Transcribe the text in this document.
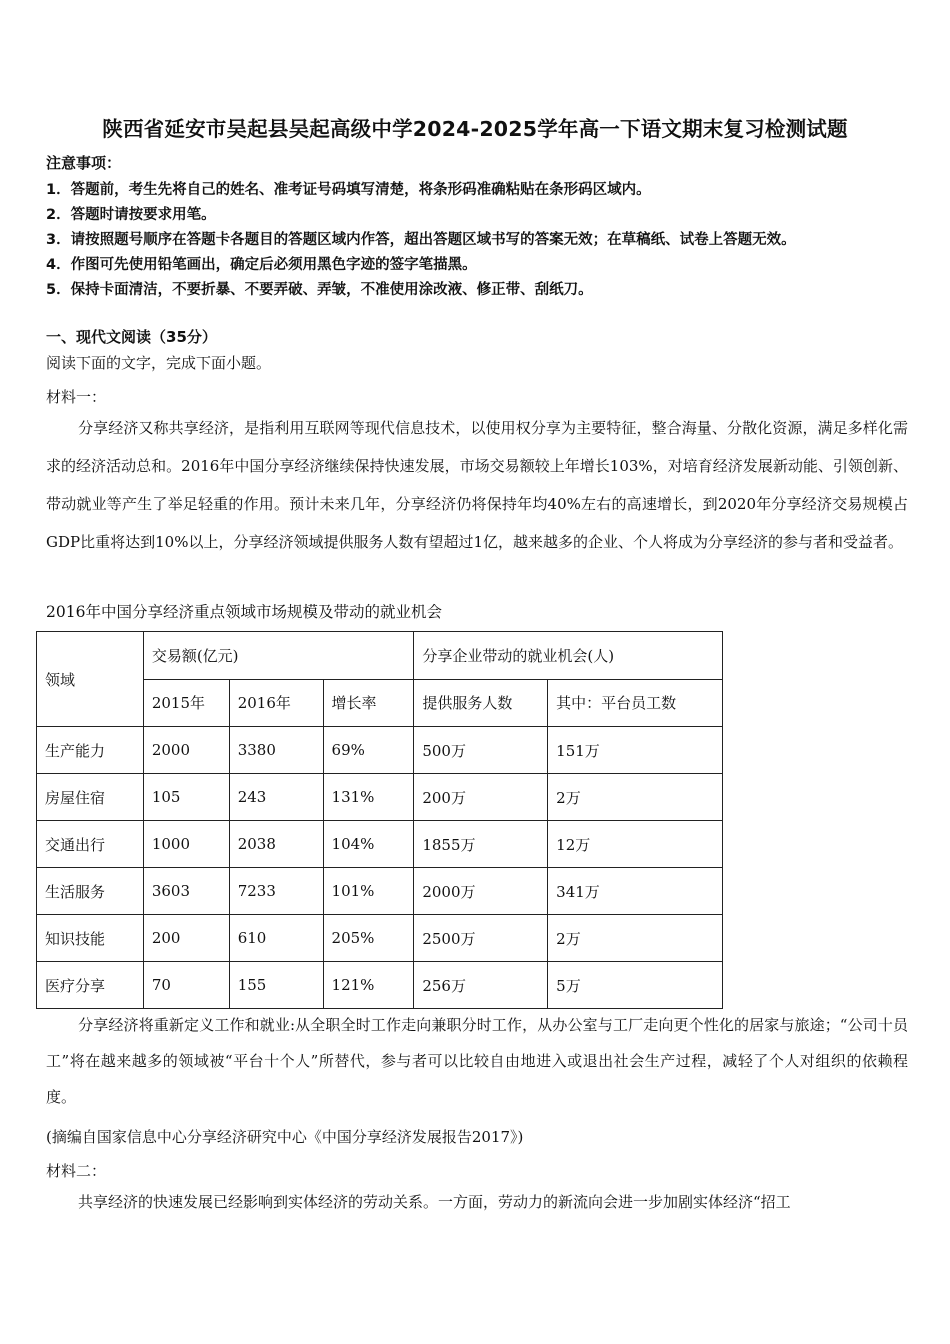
陕西省延安市吴起县吴起高级中学2024-2025学年高一下语文期末复习检测试题
注意事项：
1．答题前，考生先将自己的姓名、准考证号码填写清楚，将条形码准确粘贴在条形码区域内。
2．答题时请按要求用笔。
3．请按照题号顺序在答题卡各题目的答题区域内作答，超出答题区域书写的答案无效；在草稿纸、试卷上答题无效。
4．作图可先使用铅笔画出，确定后必须用黑色字迹的签字笔描黑。
5．保持卡面清洁，不要折暴、不要弄破、弄皱，不准使用涂改液、修正带、刮纸刀。
一、现代文阅读（35分）
阅读下面的文字，完成下面小题。
材料一：
分享经济又称共享经济，是指利用互联网等现代信息技术，以使用权分享为主要特征，整合海量、分散化资源，满足多样化需求的经济活动总和。2016年中国分享经济继续保持快速发展，市场交易额较上年增长103%，对培育经济发展新动能、引领创新、带动就业等产生了举足轻重的作用。预计未来几年，分享经济仍将保持年均40%左右的高速增长，到2020年分享经济交易规模占GDP比重将达到10%以上，分享经济领域提供服务人数有望超过1亿，越来越多的企业、个人将成为分享经济的参与者和受益者。
2016年中国分享经济重点领域市场规模及带动的就业机会
领域	交易额(亿元)			分享企业带动的就业机会(人)	
	2015年	2016年	增长率	提供服务人数	其中：平台员工数
生产能力	2000	3380	69%	500万	151万
房屋住宿	105	243	131%	200万	2万
交通出行	1000	2038	104%	1855万	12万
生活服务	3603	7233	101%	2000万	341万
知识技能	200	610	205%	2500万	2万
医疗分享	70	155	121%	256万	5万
分享经济将重新定义工作和就业:从全职全时工作走向兼职分时工作，从办公室与工厂走向更个性化的居家与旅途；“公司十员工”将在越来越多的领域被“平台十个人”所替代，参与者可以比较自由地进入或退出社会生产过程，减轻了个人对组织的依赖程度。
(摘编自国家信息中心分享经济研究中心《中国分享经济发展报告2017》)
材料二：
共享经济的快速发展已经影响到实体经济的劳动关系。一方面，劳动力的新流向会进一步加剧实体经济“招工
